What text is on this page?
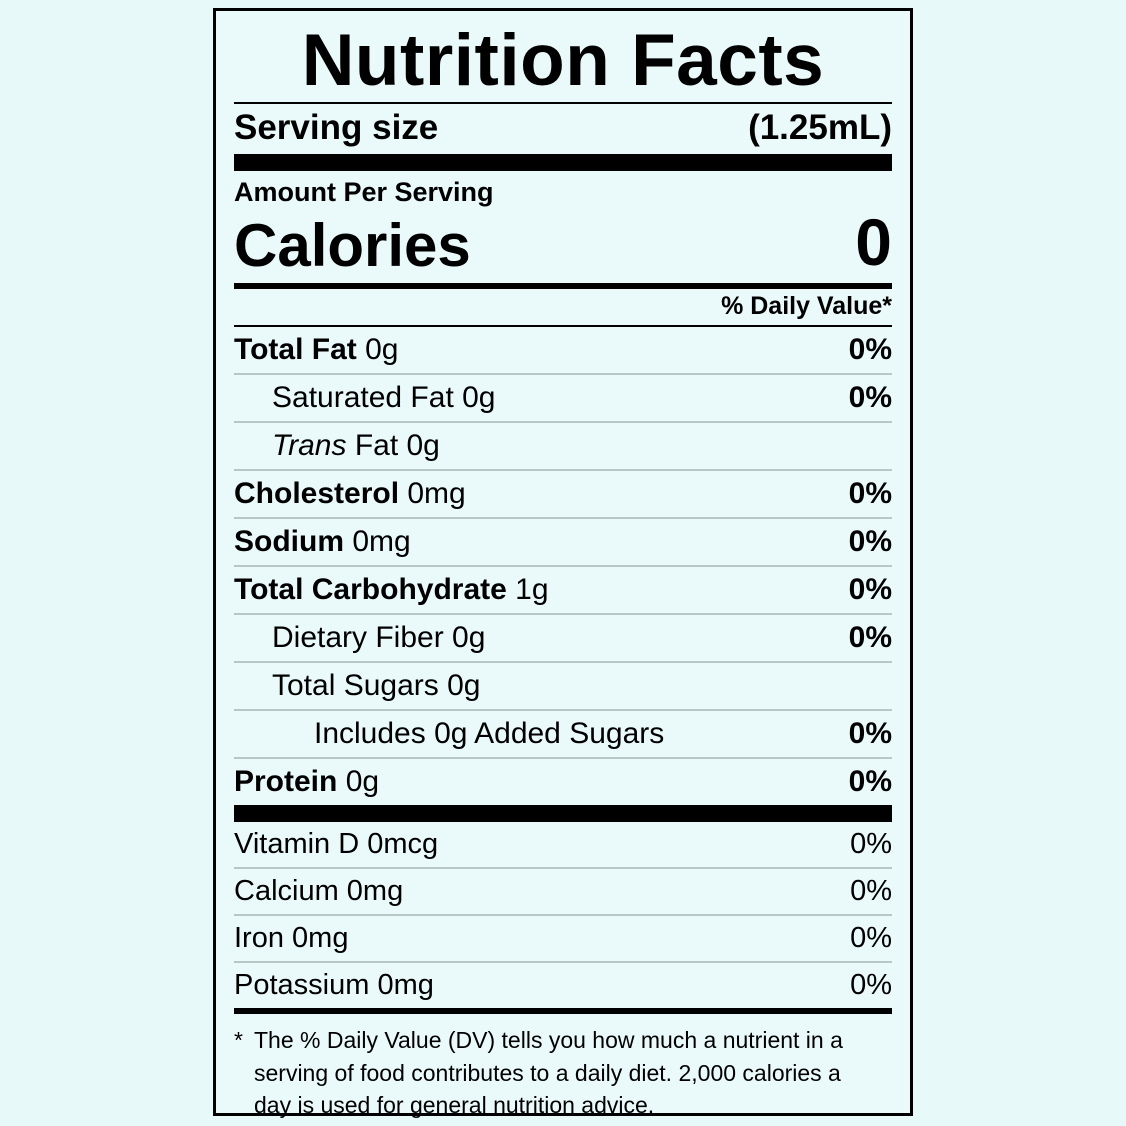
Nutrition Facts
Serving size	(1.25mL)
Amount Per Serving
Calories	0
% Daily Value*
Total Fat 0g	0%
Saturated Fat 0g	0%
Trans Fat 0g
Cholesterol 0mg	0%
Sodium 0mg	0%
Total Carbohydrate 1g	0%
Dietary Fiber 0g	0%
Total Sugars 0g
Includes 0g Added Sugars	0%
Protein 0g	0%
Vitamin D 0mcg	0%
Calcium 0mg	0%
Iron 0mg	0%
Potassium 0mg	0%
* The % Daily Value (DV) tells you how much a nutrient in a

serving of food contributes to a daily diet. 2,000 calories a

day is used for general nutrition advice.
